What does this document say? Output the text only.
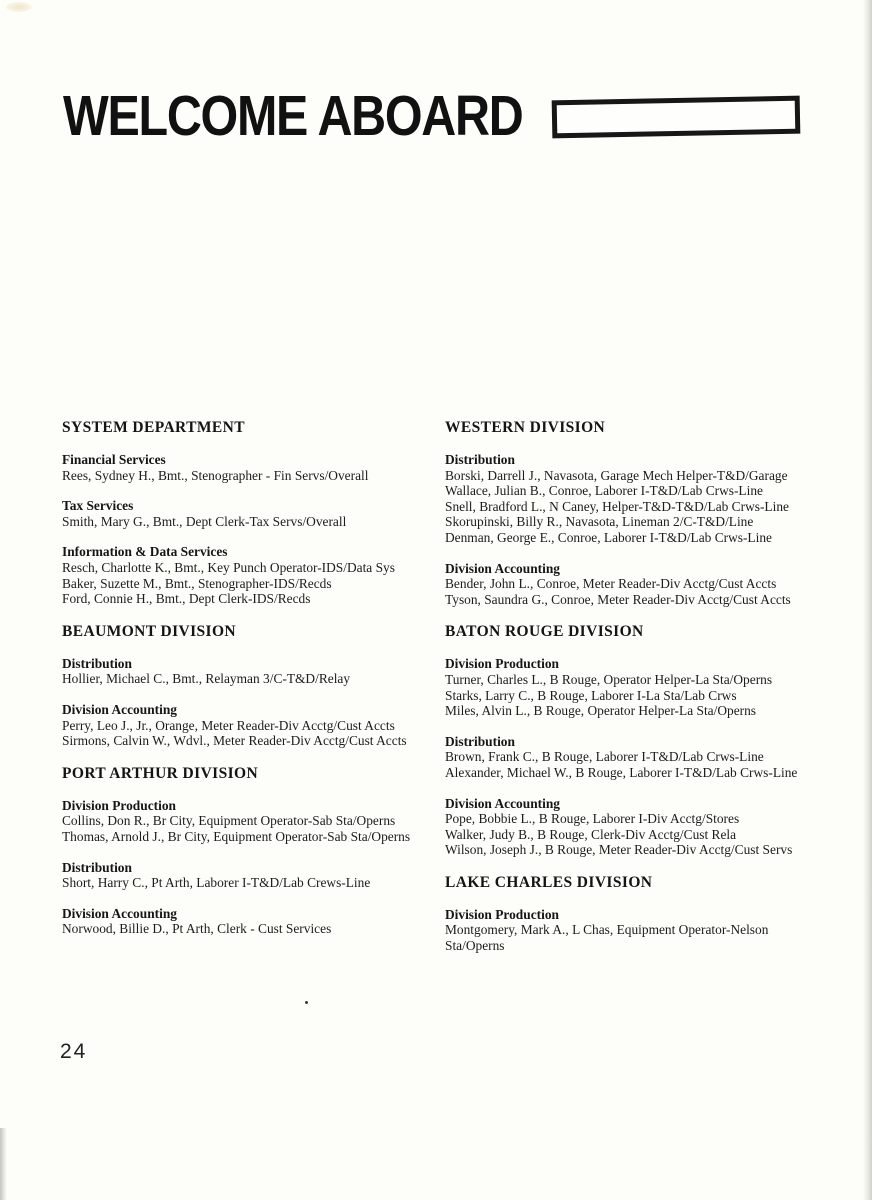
WELCOME ABOARD
SYSTEM DEPARTMENT
Financial Services
Rees, Sydney H., Bmt., Stenographer - Fin Servs/Overall
Tax Services
Smith, Mary G., Bmt., Dept Clerk-Tax Servs/Overall
Information & Data Services
Resch, Charlotte K., Bmt., Key Punch Operator-IDS/Data Sys
Baker, Suzette M., Bmt., Stenographer-IDS/Recds
Ford, Connie H., Bmt., Dept Clerk-IDS/Recds
BEAUMONT DIVISION
Distribution
Hollier, Michael C., Bmt., Relayman 3/C-T&D/Relay
Division Accounting
Perry, Leo J., Jr., Orange, Meter Reader-Div Acctg/Cust Accts
Sirmons, Calvin W., Wdvl., Meter Reader-Div Acctg/Cust Accts
PORT ARTHUR DIVISION
Division Production
Collins, Don R., Br City, Equipment Operator-Sab Sta/Operns
Thomas, Arnold J., Br City, Equipment Operator-Sab Sta/Operns
Distribution
Short, Harry C., Pt Arth, Laborer I-T&D/Lab Crews-Line
Division Accounting
Norwood, Billie D., Pt Arth, Clerk - Cust Services
WESTERN DIVISION
Distribution
Borski, Darrell J., Navasota, Garage Mech Helper-T&D/Garage
Wallace, Julian B., Conroe, Laborer I-T&D/Lab Crws-Line
Snell, Bradford L., N Caney, Helper-T&D-T&D/Lab Crws-Line
Skorupinski, Billy R., Navasota, Lineman 2/C-T&D/Line
Denman, George E., Conroe, Laborer I-T&D/Lab Crws-Line
Division Accounting
Bender, John L., Conroe, Meter Reader-Div Acctg/Cust Accts
Tyson, Saundra G., Conroe, Meter Reader-Div Acctg/Cust Accts
BATON ROUGE DIVISION
Division Production
Turner, Charles L., B Rouge, Operator Helper-La Sta/Operns
Starks, Larry C., B Rouge, Laborer I-La Sta/Lab Crws
Miles, Alvin L., B Rouge, Operator Helper-La Sta/Operns
Distribution
Brown, Frank C., B Rouge, Laborer I-T&D/Lab Crws-Line
Alexander, Michael W., B Rouge, Laborer I-T&D/Lab Crws-Line
Division Accounting
Pope, Bobbie L., B Rouge, Laborer I-Div Acctg/Stores
Walker, Judy B., B Rouge, Clerk-Div Acctg/Cust Rela
Wilson, Joseph J., B Rouge, Meter Reader-Div Acctg/Cust Servs
LAKE CHARLES DIVISION
Division Production
Montgomery, Mark A., L Chas, Equipment Operator-Nelson Sta/Operns
24
